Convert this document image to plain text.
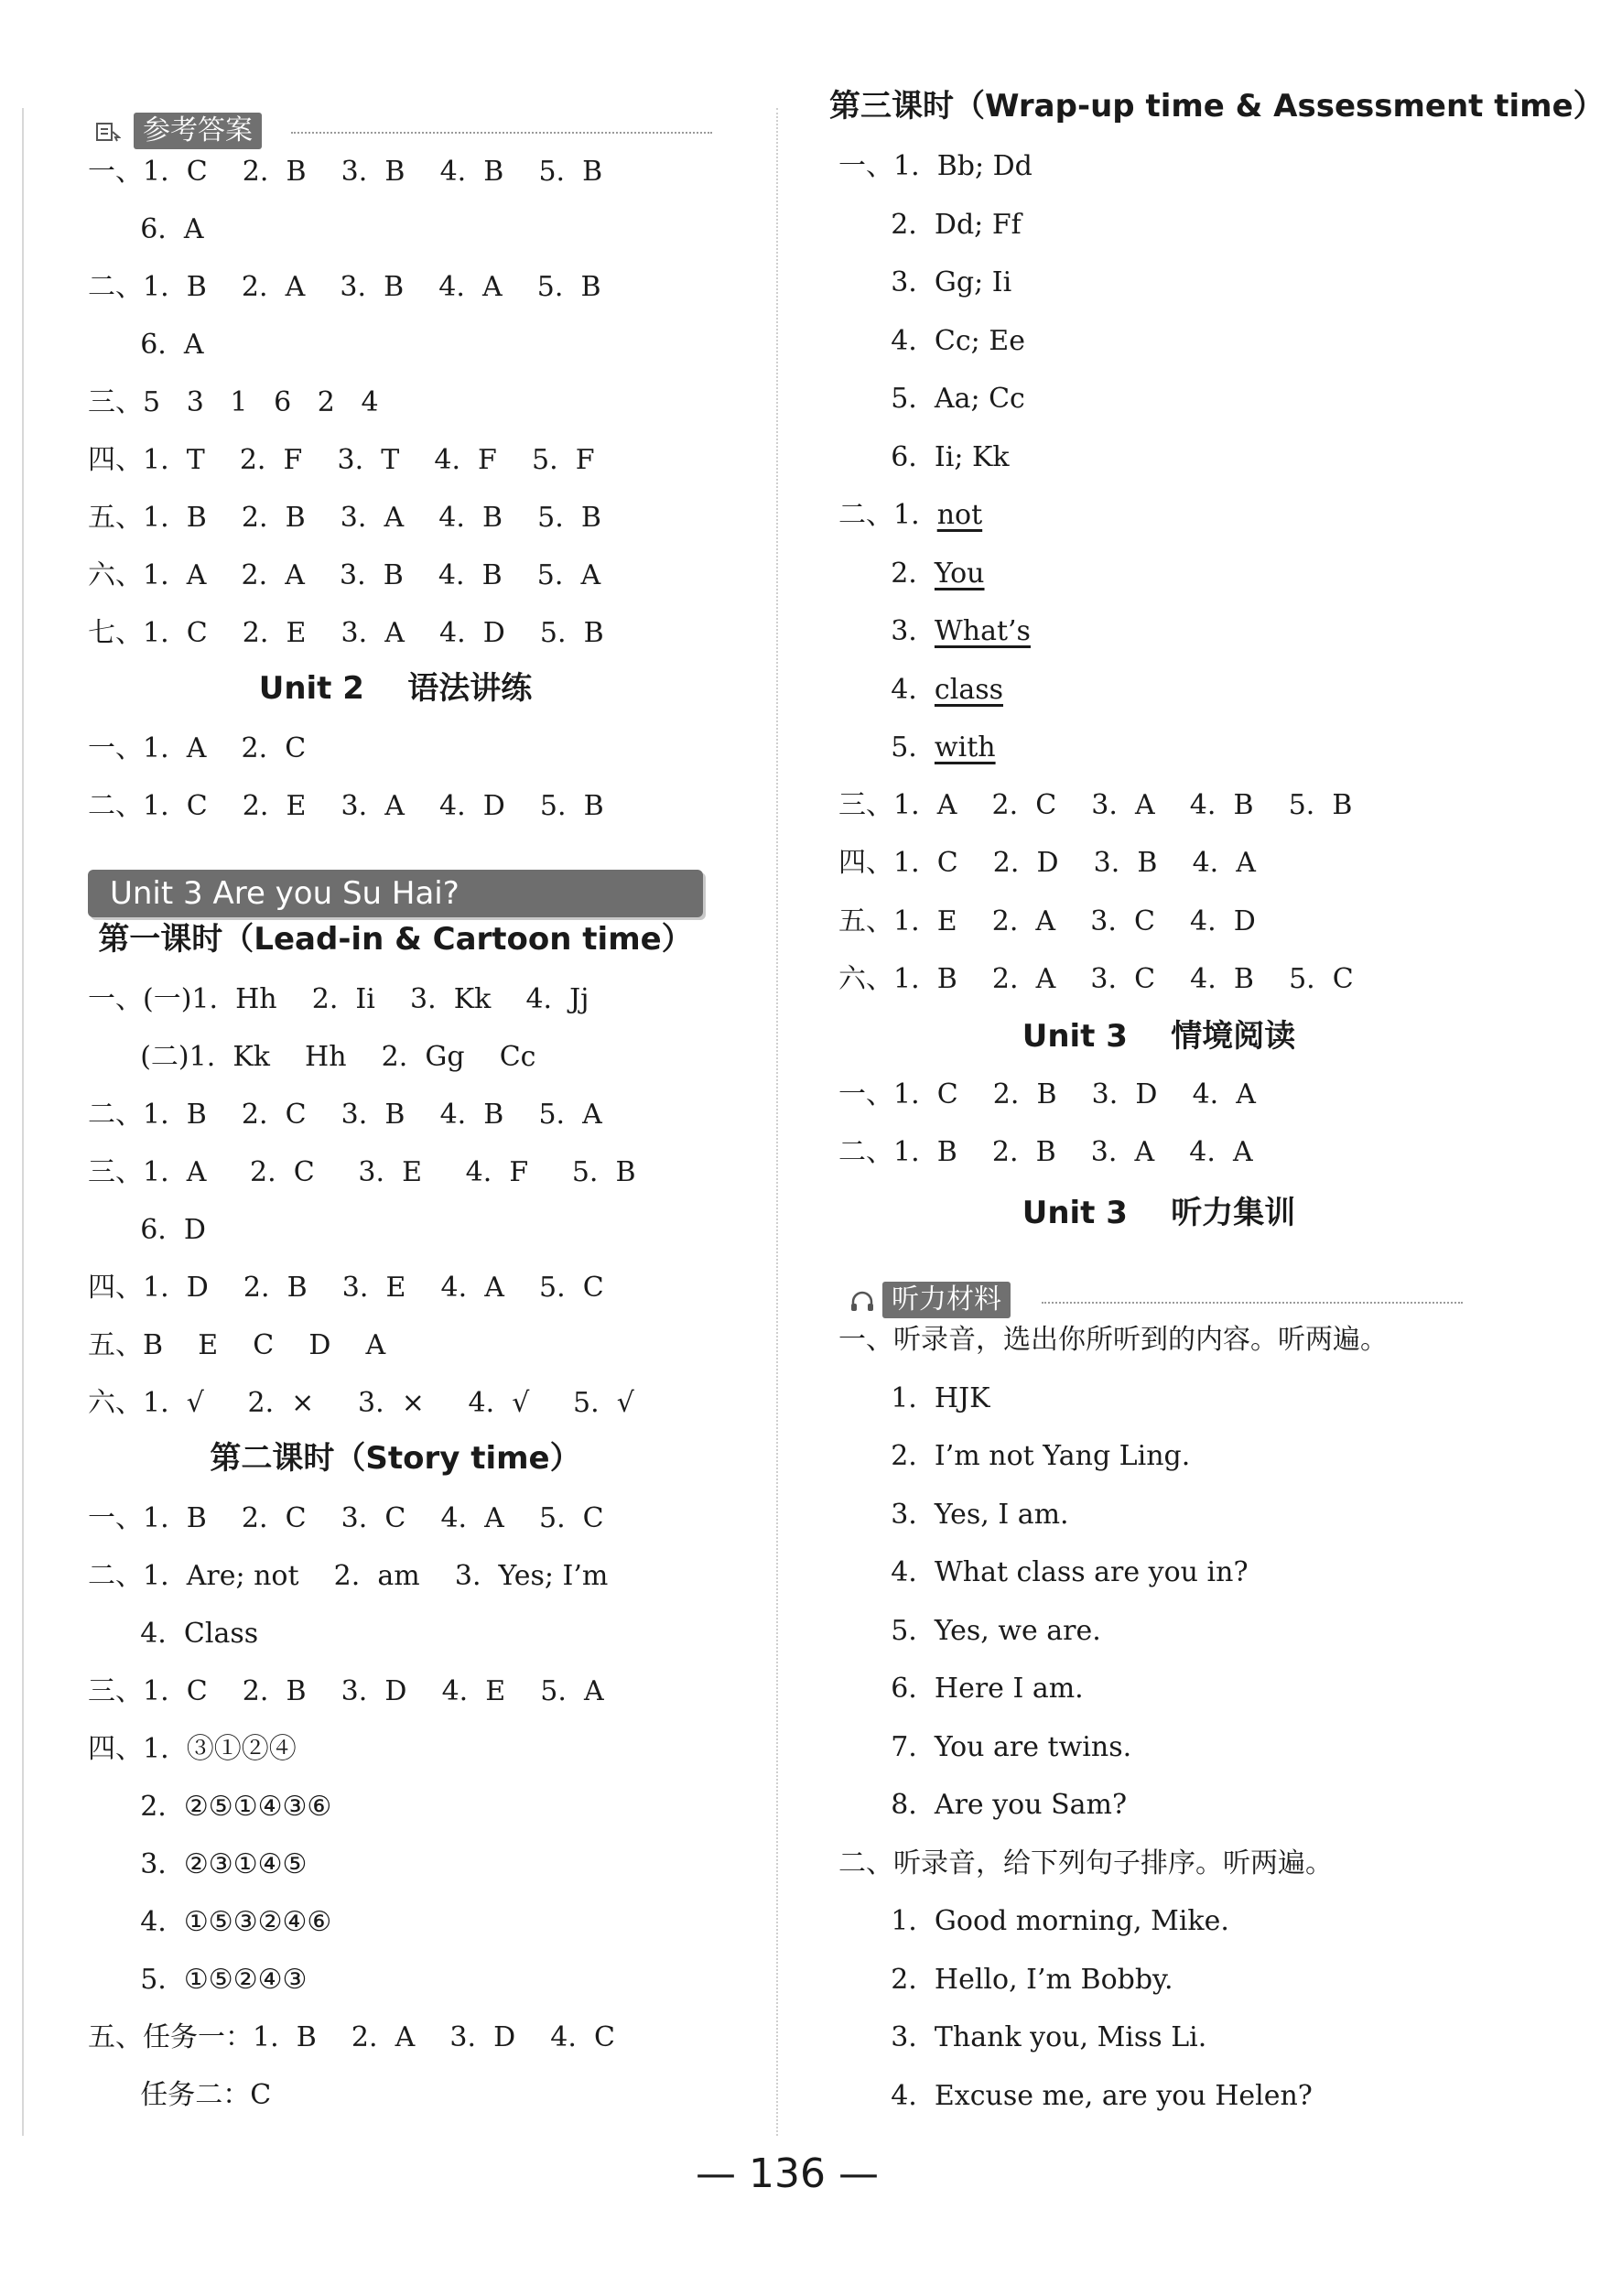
参考答案
一、1.  C    2.  B    3.  B    4.  B    5.  B
6.  A
二、1.  B    2.  A    3.  B    4.  A    5.  B
6.  A
三、5   3   1   6   2   4
四、1.  T    2.  F    3.  T    4.  F    5.  F
五、1.  B    2.  B    3.  A    4.  B    5.  B
六、1.  A    2.  A    3.  B    4.  B    5.  A
七、1.  C    2.  E    3.  A    4.  D    5.  B
一、1.  A    2.  C
二、1.  C    2.  E    3.  A    4.  D    5.  B
一、(一)1.  Hh    2.  Ii    3.  Kk    4.  Jj
(二)1.  Kk    Hh    2.  Gg    Cc
二、1.  B    2.  C    3.  B    4.  B    5.  A
三、1.  A     2.  C     3.  E     4.  F     5.  B
6.  D
四、1.  D    2.  B    3.  E    4.  A    5.  C
五、B    E    C    D    A
六、1.  √     2.  ×     3.  ×     4.  √     5.  √
一、1.  B    2.  C    3.  C    4.  A    5.  C
二、1.  Are; not    2.  am    3.  Yes; I’m
4.  Class
三、1.  C    2.  B    3.  D    4.  E    5.  A
四、1.  ③①②④
2.  ②⑤①④③⑥
3.  ②③①④⑤
4.  ①⑤③②④⑥
5.  ①⑤②④③
五、任务一：1.  B    2.  A    3.  D    4.  C
任务二：C
Unit 2    语法讲练
第一课时（Lead-in & Cartoon time）
第二课时（Story time）
Unit 3 Are you Su Hai?
一、1.  Bb; Dd
2.  Dd; Ff
3.  Gg; Ii
4.  Cc; Ee
5.  Aa; Cc
6.  Ii; Kk
三、1.  A    2.  C    3.  A    4.  B    5.  B
四、1.  C    2.  D    3.  B    4.  A
五、1.  E    2.  A    3.  C    4.  D
六、1.  B    2.  A    3.  C    4.  B    5.  C
一、1.  C    2.  B    3.  D    4.  A
二、1.  B    2.  B    3.  A    4.  A
一、听录音，选出你所听到的内容。听两遍。
1.  HJK
2.  I’m not Yang Ling.
3.  Yes, I am.
4.  What class are you in?
5.  Yes, we are.
6.  Here I am.
7.  You are twins.
8.  Are you Sam?
二、听录音，给下列句子排序。听两遍。
1.  Good morning, Mike.
2.  Hello, I’m Bobby.
3.  Thank you, Miss Li.
4.  Excuse me, are you Helen?
第三课时（Wrap-up time & Assessment time）
Unit 3    情境阅读
Unit 3    听力集训
二、1.  not
2.  You
3.  What’s
4.  class
5.  with
听力材料
— 136 —
